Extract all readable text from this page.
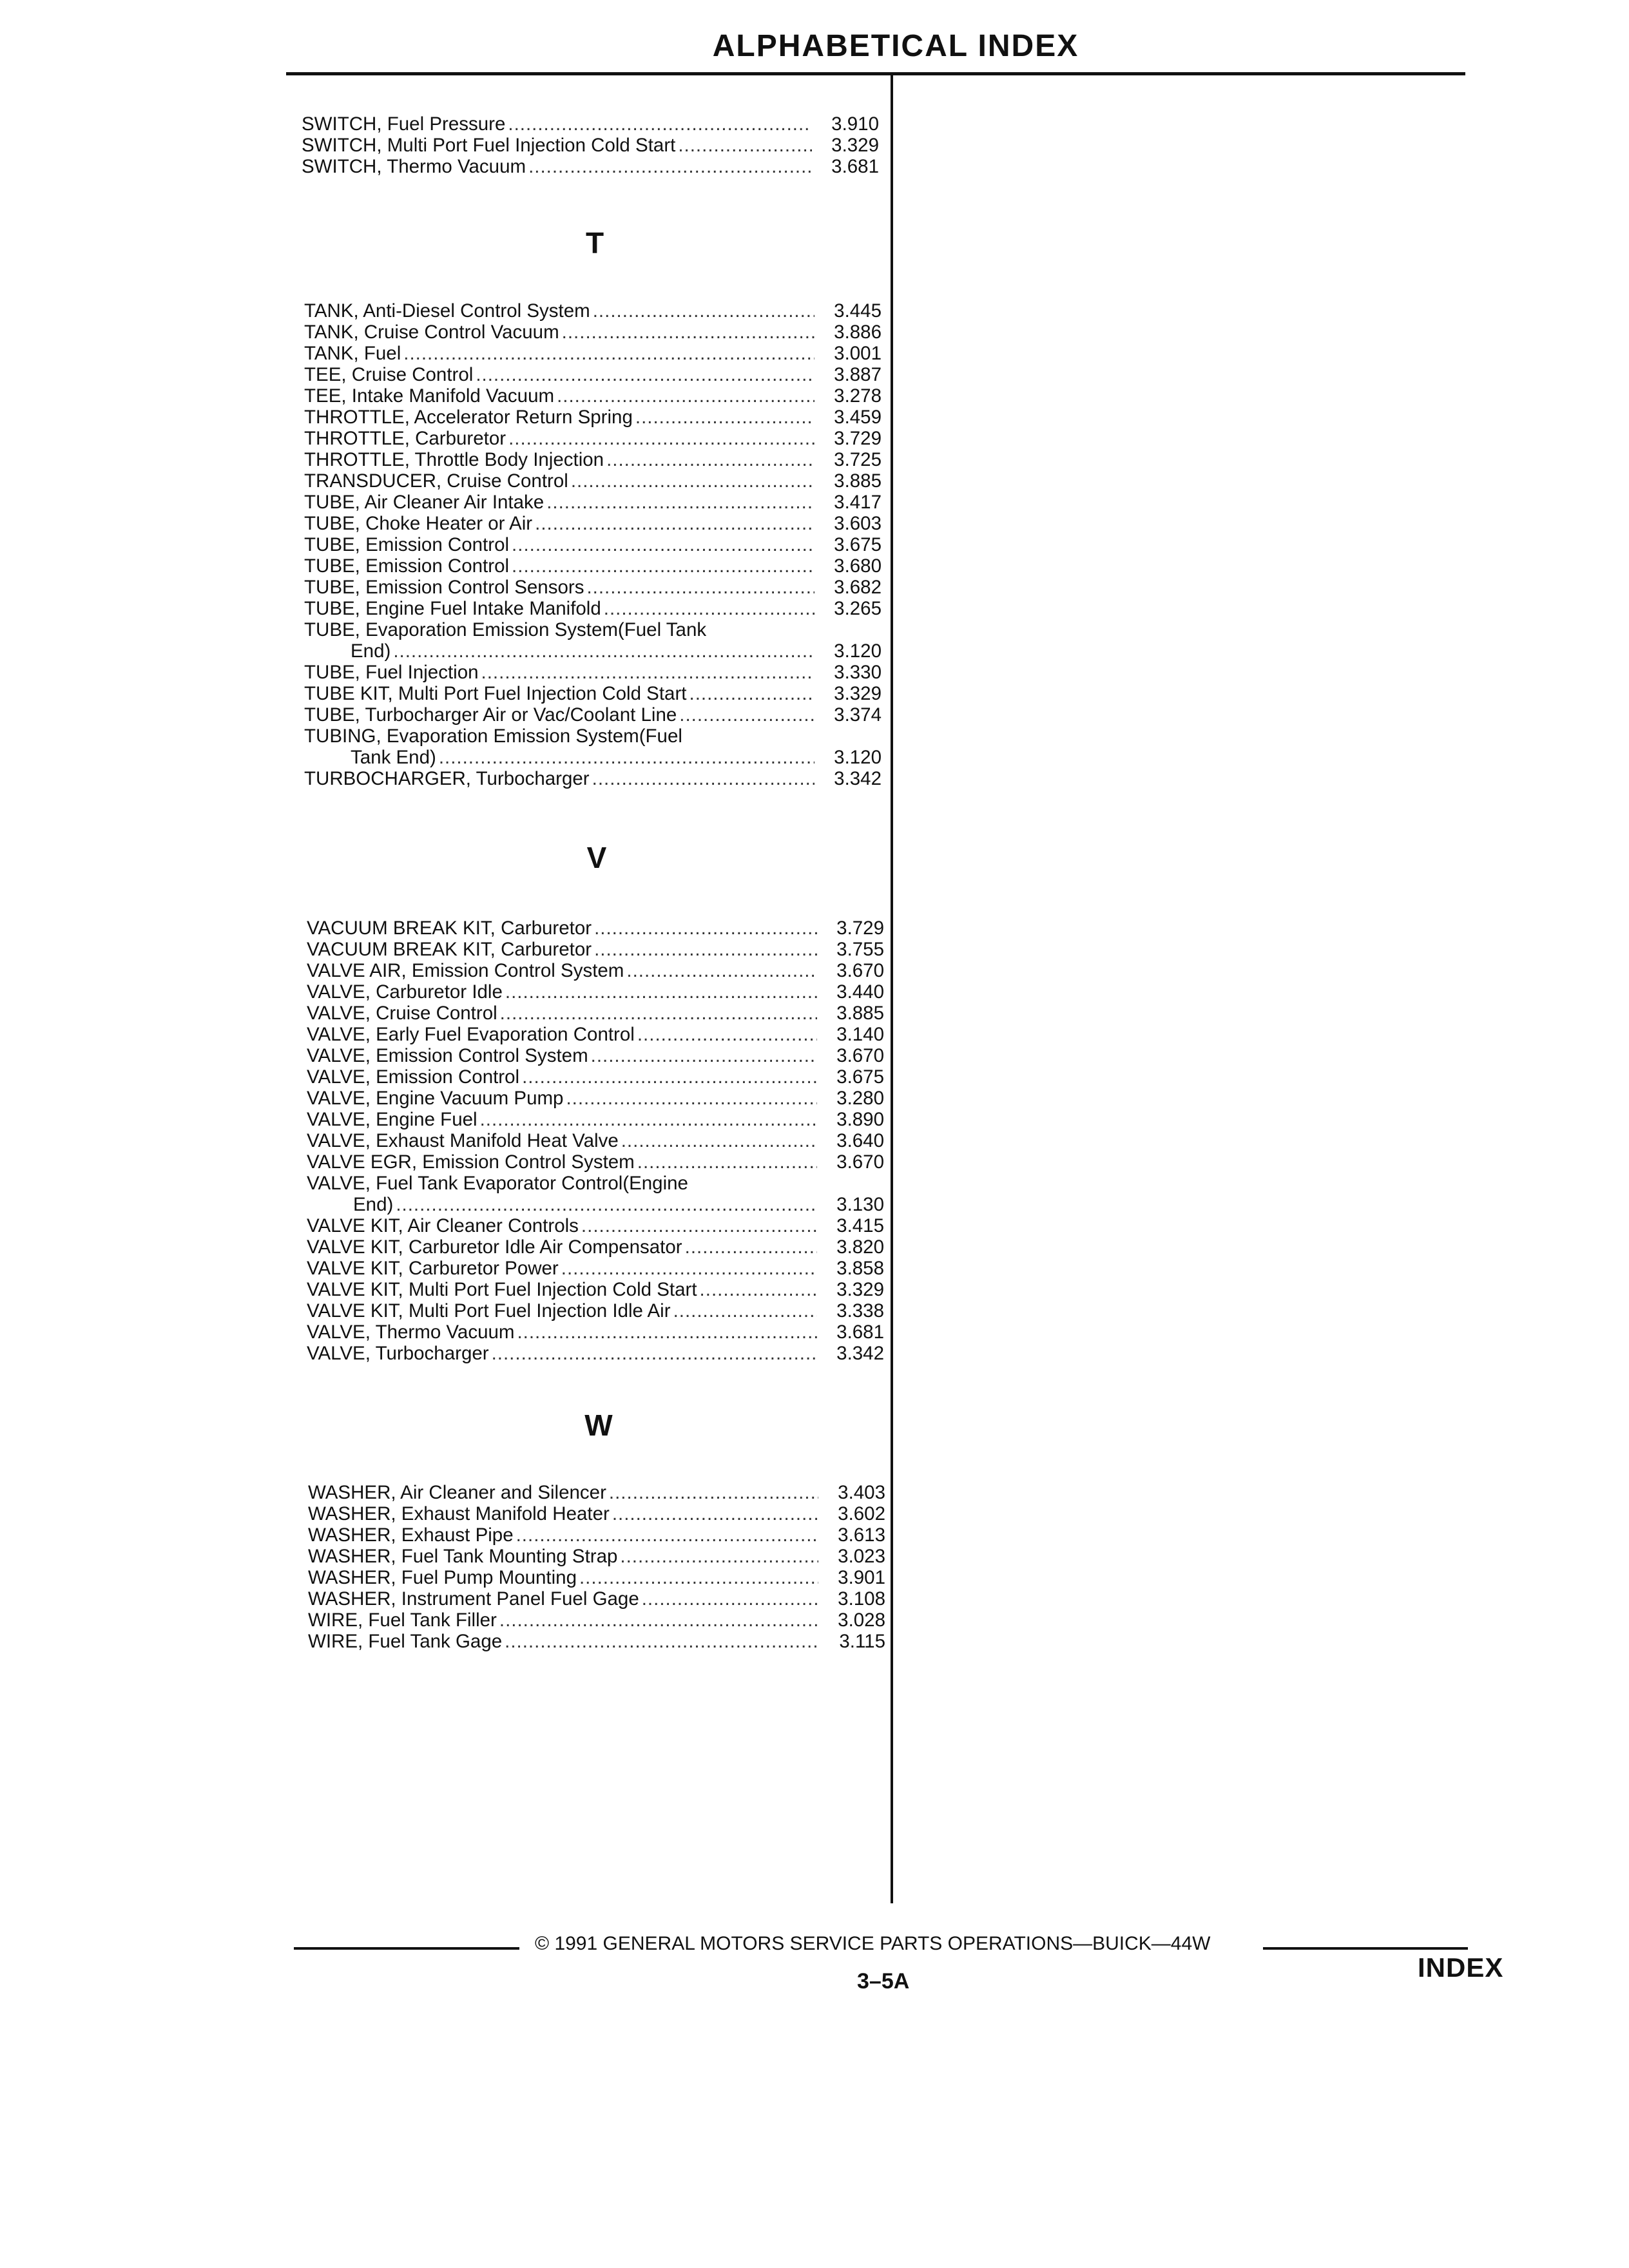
ALPHABETICAL INDEX
SWITCH, Fuel Pressure .....	3.910
SWITCH, Multi Port Fuel Injection Cold Start .....	3.329
SWITCH, Thermo Vacuum .....	3.681
T
TANK, Anti-Diesel Control System .....	3.445
TANK, Cruise Control Vacuum .....	3.886
TANK, Fuel .....	3.001
TEE, Cruise Control .....	3.887
TEE, Intake Manifold Vacuum .....	3.278
THROTTLE, Accelerator Return Spring .....	3.459
THROTTLE, Carburetor .....	3.729
THROTTLE, Throttle Body Injection .....	3.725
TRANSDUCER, Cruise Control .....	3.885
TUBE, Air Cleaner Air Intake .....	3.417
TUBE, Choke Heater or Air .....	3.603
TUBE, Emission Control .....	3.675
TUBE, Emission Control .....	3.680
TUBE, Emission Control Sensors .....	3.682
TUBE, Engine Fuel Intake Manifold .....	3.265
TUBE, Evaporation Emission System(Fuel Tank
End) .....	3.120
TUBE, Fuel Injection .....	3.330
TUBE KIT, Multi Port Fuel Injection Cold Start .....	3.329
TUBE, Turbocharger Air or Vac/Coolant Line .....	3.374
TUBING, Evaporation Emission System(Fuel
Tank End) .....	3.120
TURBOCHARGER, Turbocharger .....	3.342
V
VACUUM BREAK KIT, Carburetor .....	3.729
VACUUM BREAK KIT, Carburetor .....	3.755
VALVE AIR, Emission Control System .....	3.670
VALVE, Carburetor Idle .....	3.440
VALVE, Cruise Control .....	3.885
VALVE, Early Fuel Evaporation Control .....	3.140
VALVE, Emission Control System .....	3.670
VALVE, Emission Control .....	3.675
VALVE, Engine Vacuum Pump .....	3.280
VALVE, Engine Fuel .....	3.890
VALVE, Exhaust Manifold Heat Valve .....	3.640
VALVE EGR, Emission Control System .....	3.670
VALVE, Fuel Tank Evaporator Control(Engine
End) .....	3.130
VALVE KIT, Air Cleaner Controls .....	3.415
VALVE KIT, Carburetor Idle Air Compensator .....	3.820
VALVE KIT, Carburetor Power .....	3.858
VALVE KIT, Multi Port Fuel Injection Cold Start .....	3.329
VALVE KIT, Multi Port Fuel Injection Idle Air .....	3.338
VALVE, Thermo Vacuum .....	3.681
VALVE, Turbocharger .....	3.342
W
WASHER, Air Cleaner and Silencer .....	3.403
WASHER, Exhaust Manifold Heater .....	3.602
WASHER, Exhaust Pipe .....	3.613
WASHER, Fuel Tank Mounting Strap .....	3.023
WASHER, Fuel Pump Mounting .....	3.901
WASHER, Instrument Panel Fuel Gage .....	3.108
WIRE, Fuel Tank Filler .....	3.028
WIRE, Fuel Tank Gage .....	3.115
© 1991 GENERAL MOTORS SERVICE PARTS OPERATIONS—BUICK—44W
3–5A	INDEX
